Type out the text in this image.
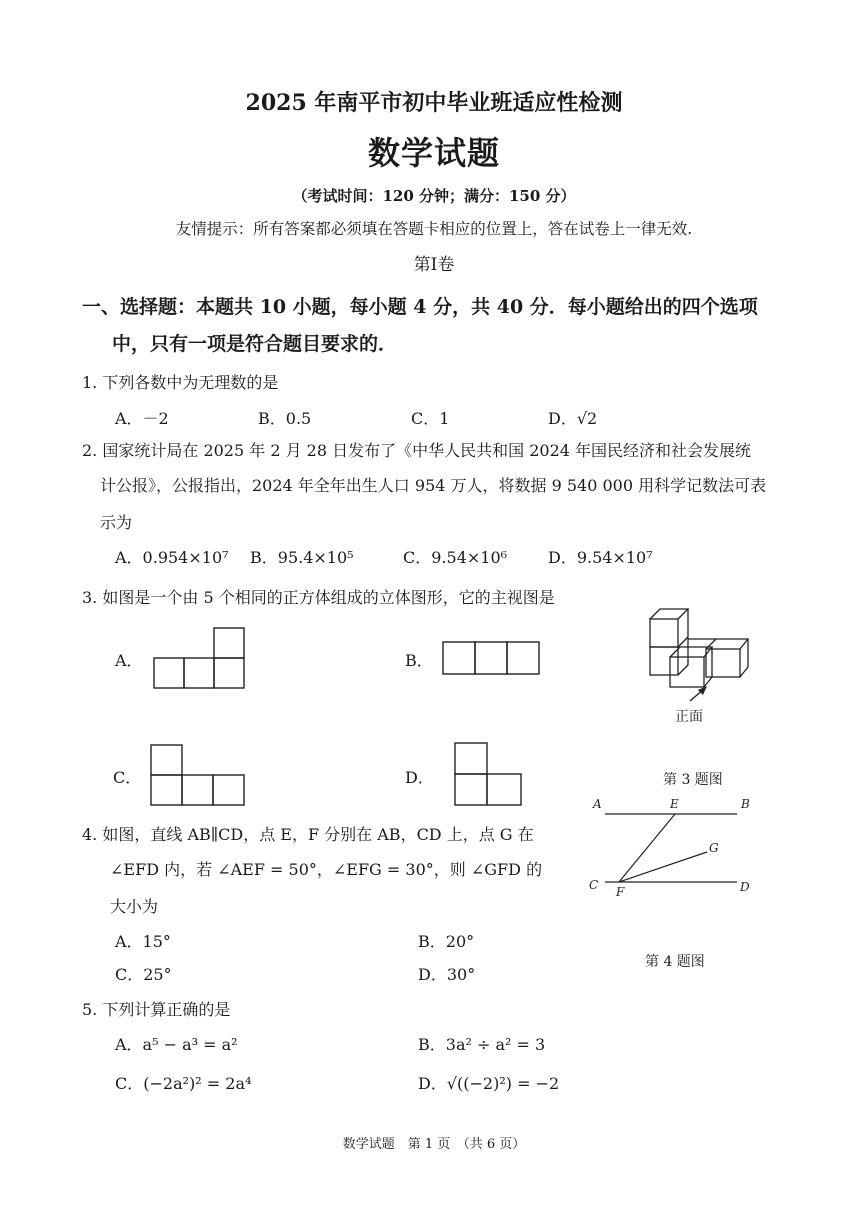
2025 年南平市初中毕业班适应性检测
数学试题
（考试时间：120 分钟；满分：150 分）
友情提示：所有答案都必须填在答题卡相应的位置上，答在试卷上一律无效.
第Ⅰ卷
一、选择题：本题共 10 小题，每小题 4 分，共 40 分．每小题给出的四个选项
中，只有一项是符合题目要求的．
1. 下列各数中为无理数的是
A．－2	B．0.5	C．1	D．√2
2. 国家统计局在 2025 年 2 月 28 日发布了《中华人民共和国 2024 年国民经济和社会发展统
计公报》，公报指出，2024 年全年出生人口 954 万人，将数据 9 540 000 用科学记数法可表
示为
A．0.954×10⁷ B．95.4×10⁵	C．9.54×10⁶	D．9.54×10⁷
3. 如图是一个由 5 个相同的正方体组成的立体图形，它的主视图是
A．	B．
C．	D．
正面
第 3 题图
4. 如图，直线 AB∥CD，点 E，F 分别在 AB，CD 上，点 G 在
∠EFD 内，若 ∠AEF = 50°，∠EFG = 30°，则 ∠GFD 的
大小为
A．15°	B．20°
C．25°	D．30°
A	E	B
G
C F	D
第 4 题图
5. 下列计算正确的是
A．a⁵ − a³ = a²	B．3a² ÷ a² = 3
C．(−2a²)² = 2a⁴	D．√((−2)²) = −2
数学试题　第 1 页　（共 6 页）
